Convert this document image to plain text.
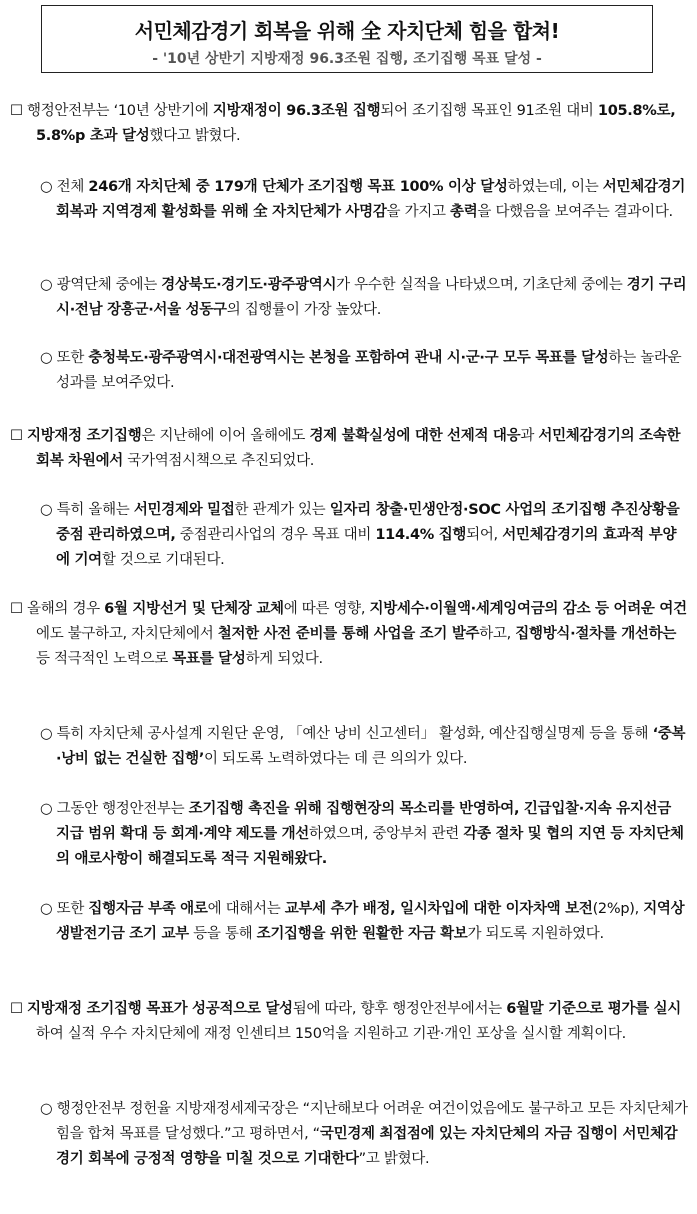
서민체감경기 회복을 위해 全 자치단체 힘을 합쳐!
- '10년 상반기 지방재정 96.3조원 집행, 조기집행 목표 달성 -
☐ 행정안전부는 ‘10년 상반기에 지방재정이 96.3조원 집행되어 조기집행 목표인 91조원 대비 105.8%로, 5.8%p 초과 달성했다고 밝혔다.
○ 전체 246개 자치단체 중 179개 단체가 조기집행 목표 100% 이상 달성하였는데, 이는 서민체감경기 회복과 지역경제 활성화를 위해 全 자치단체가 사명감을 가지고 총력을 다했음을 보여주는 결과이다.
○ 광역단체 중에는 경상북도·경기도·광주광역시가 우수한 실적을 나타냈으며, 기초단체 중에는 경기 구리시·전남 장흥군·서울 성동구의 집행률이 가장 높았다.
○ 또한 충청북도·광주광역시·대전광역시는 본청을 포함하여 관내 시·군·구 모두 목표를 달성하는 놀라운 성과를 보여주었다.
☐ 지방재정 조기집행은 지난해에 이어 올해에도 경제 불확실성에 대한 선제적 대응과 서민체감경기의 조속한 회복 차원에서 국가역점시책으로 추진되었다.
○ 특히 올해는 서민경제와 밀접한 관계가 있는 일자리 창출·민생안정·SOC 사업의 조기집행 추진상황을 중점 관리하였으며, 중점관리사업의 경우 목표 대비 114.4% 집행되어, 서민체감경기의 효과적 부양에 기여할 것으로 기대된다.
☐ 올해의 경우 6월 지방선거 및 단체장 교체에 따른 영향, 지방세수·이월액·세계잉여금의 감소 등 어려운 여건에도 불구하고, 자치단체에서 철저한 사전 준비를 통해 사업을 조기 발주하고, 집행방식·절차를 개선하는 등 적극적인 노력으로 목표를 달성하게 되었다.
○ 특히 자치단체 공사설계 지원단 운영, 「예산 낭비 신고센터」 활성화, 예산집행실명제 등을 통해 ‘중복·낭비 없는 건실한 집행’이 되도록 노력하였다는 데 큰 의의가 있다.
○ 그동안 행정안전부는 조기집행 촉진을 위해 집행현장의 목소리를 반영하여, 긴급입찰·지속 유지선금 지급 범위 확대 등 회계·계약 제도를 개선하였으며, 중앙부처 관련 각종 절차 및 협의 지연 등 자치단체의 애로사항이 해결되도록 적극 지원해왔다.
○ 또한 집행자금 부족 애로에 대해서는 교부세 추가 배정, 일시차입에 대한 이자차액 보전(2%p), 지역상생발전기금 조기 교부 등을 통해 조기집행을 위한 원활한 자금 확보가 되도록 지원하였다.
☐ 지방재정 조기집행 목표가 성공적으로 달성됨에 따라, 향후 행정안전부에서는 6월말 기준으로 평가를 실시하여 실적 우수 자치단체에 재정 인센티브 150억을 지원하고 기관·개인 포상을 실시할 계획이다.
○ 행정안전부 정헌율 지방재정세제국장은 “지난해보다 어려운 여건이었음에도 불구하고 모든 자치단체가 힘을 합쳐 목표를 달성했다.”고 평하면서, “국민경제 최접점에 있는 자치단체의 자금 집행이 서민체감경기 회복에 긍정적 영향을 미칠 것으로 기대한다”고 밝혔다.
